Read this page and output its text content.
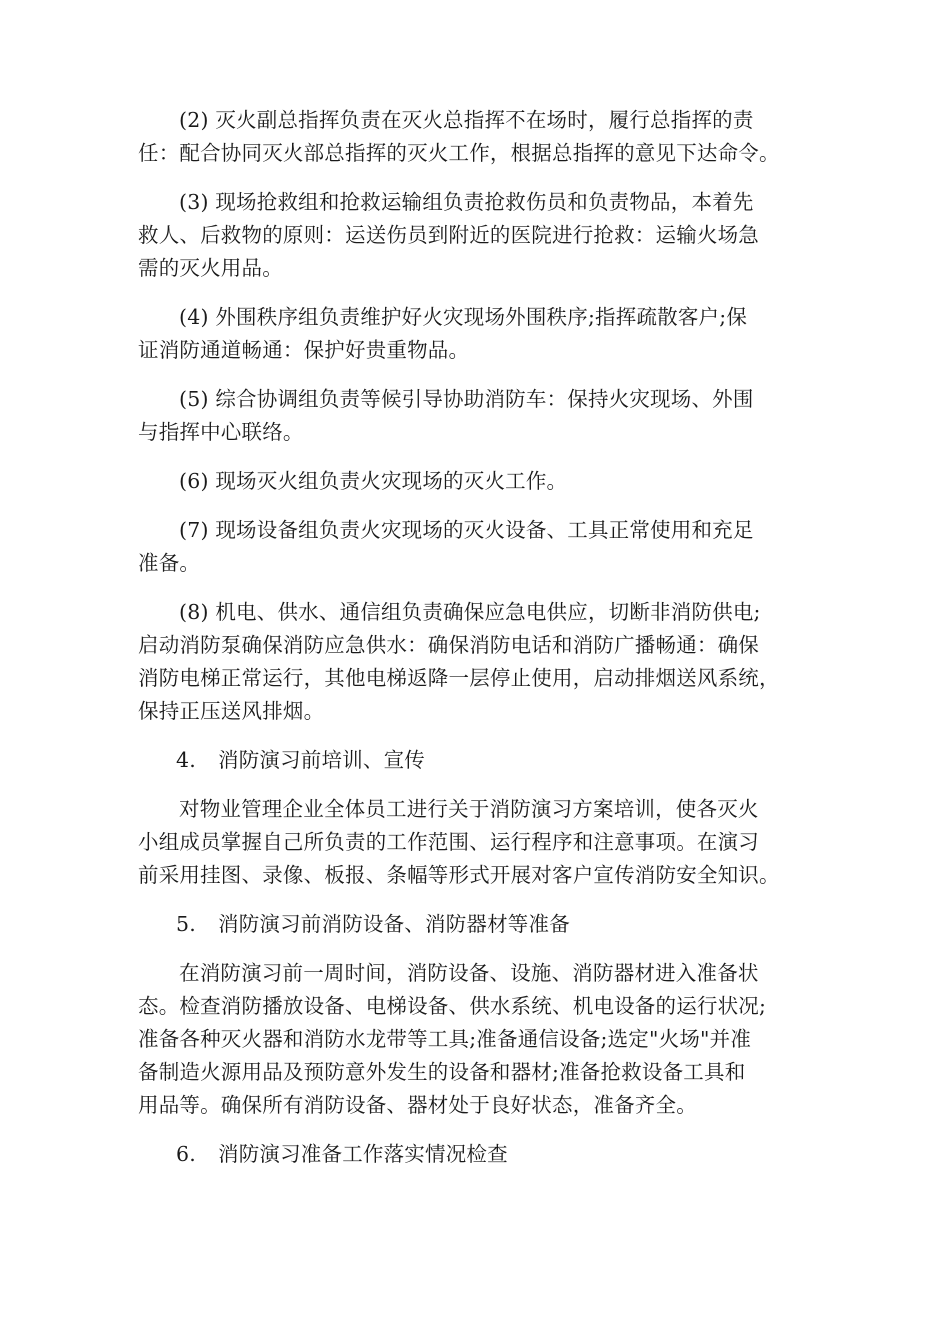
(2) 灭火副总指挥负责在灭火总指挥不在场时，履行总指挥的责
任：配合协同灭火部总指挥的灭火工作，根据总指挥的意见下达命令。
(3) 现场抢救组和抢救运输组负责抢救伤员和负责物品，本着先
救人、后救物的原则：运送伤员到附近的医院进行抢救：运输火场急
需的灭火用品。
(4) 外围秩序组负责维护好火灾现场外围秩序;指挥疏散客户;保
证消防通道畅通：保护好贵重物品。
(5) 综合协调组负责等候引导协助消防车：保持火灾现场、外围
与指挥中心联络。
(6) 现场灭火组负责火灾现场的灭火工作。
(7) 现场设备组负责火灾现场的灭火设备、工具正常使用和充足
准备。
(8) 机电、供水、通信组负责确保应急电供应，切断非消防供电;
启动消防泵确保消防应急供水：确保消防电话和消防广播畅通：确保
消防电梯正常运行，其他电梯返降一层停止使用，启动排烟送风系统，
保持正压送风排烟。
4. 消防演习前培训、宣传
对物业管理企业全体员工进行关于消防演习方案培训，使各灭火
小组成员掌握自己所负责的工作范围、运行程序和注意事项。在演习
前采用挂图、录像、板报、条幅等形式开展对客户宣传消防安全知识。
5. 消防演习前消防设备、消防器材等准备
在消防演习前一周时间，消防设备、设施、消防器材进入准备状
态。检查消防播放设备、电梯设备、供水系统、机电设备的运行状况;
准备各种灭火器和消防水龙带等工具;准备通信设备;选定"火场"并准
备制造火源用品及预防意外发生的设备和器材;准备抢救设备工具和
用品等。确保所有消防设备、器材处于良好状态，准备齐全。
6. 消防演习准备工作落实情况检查
